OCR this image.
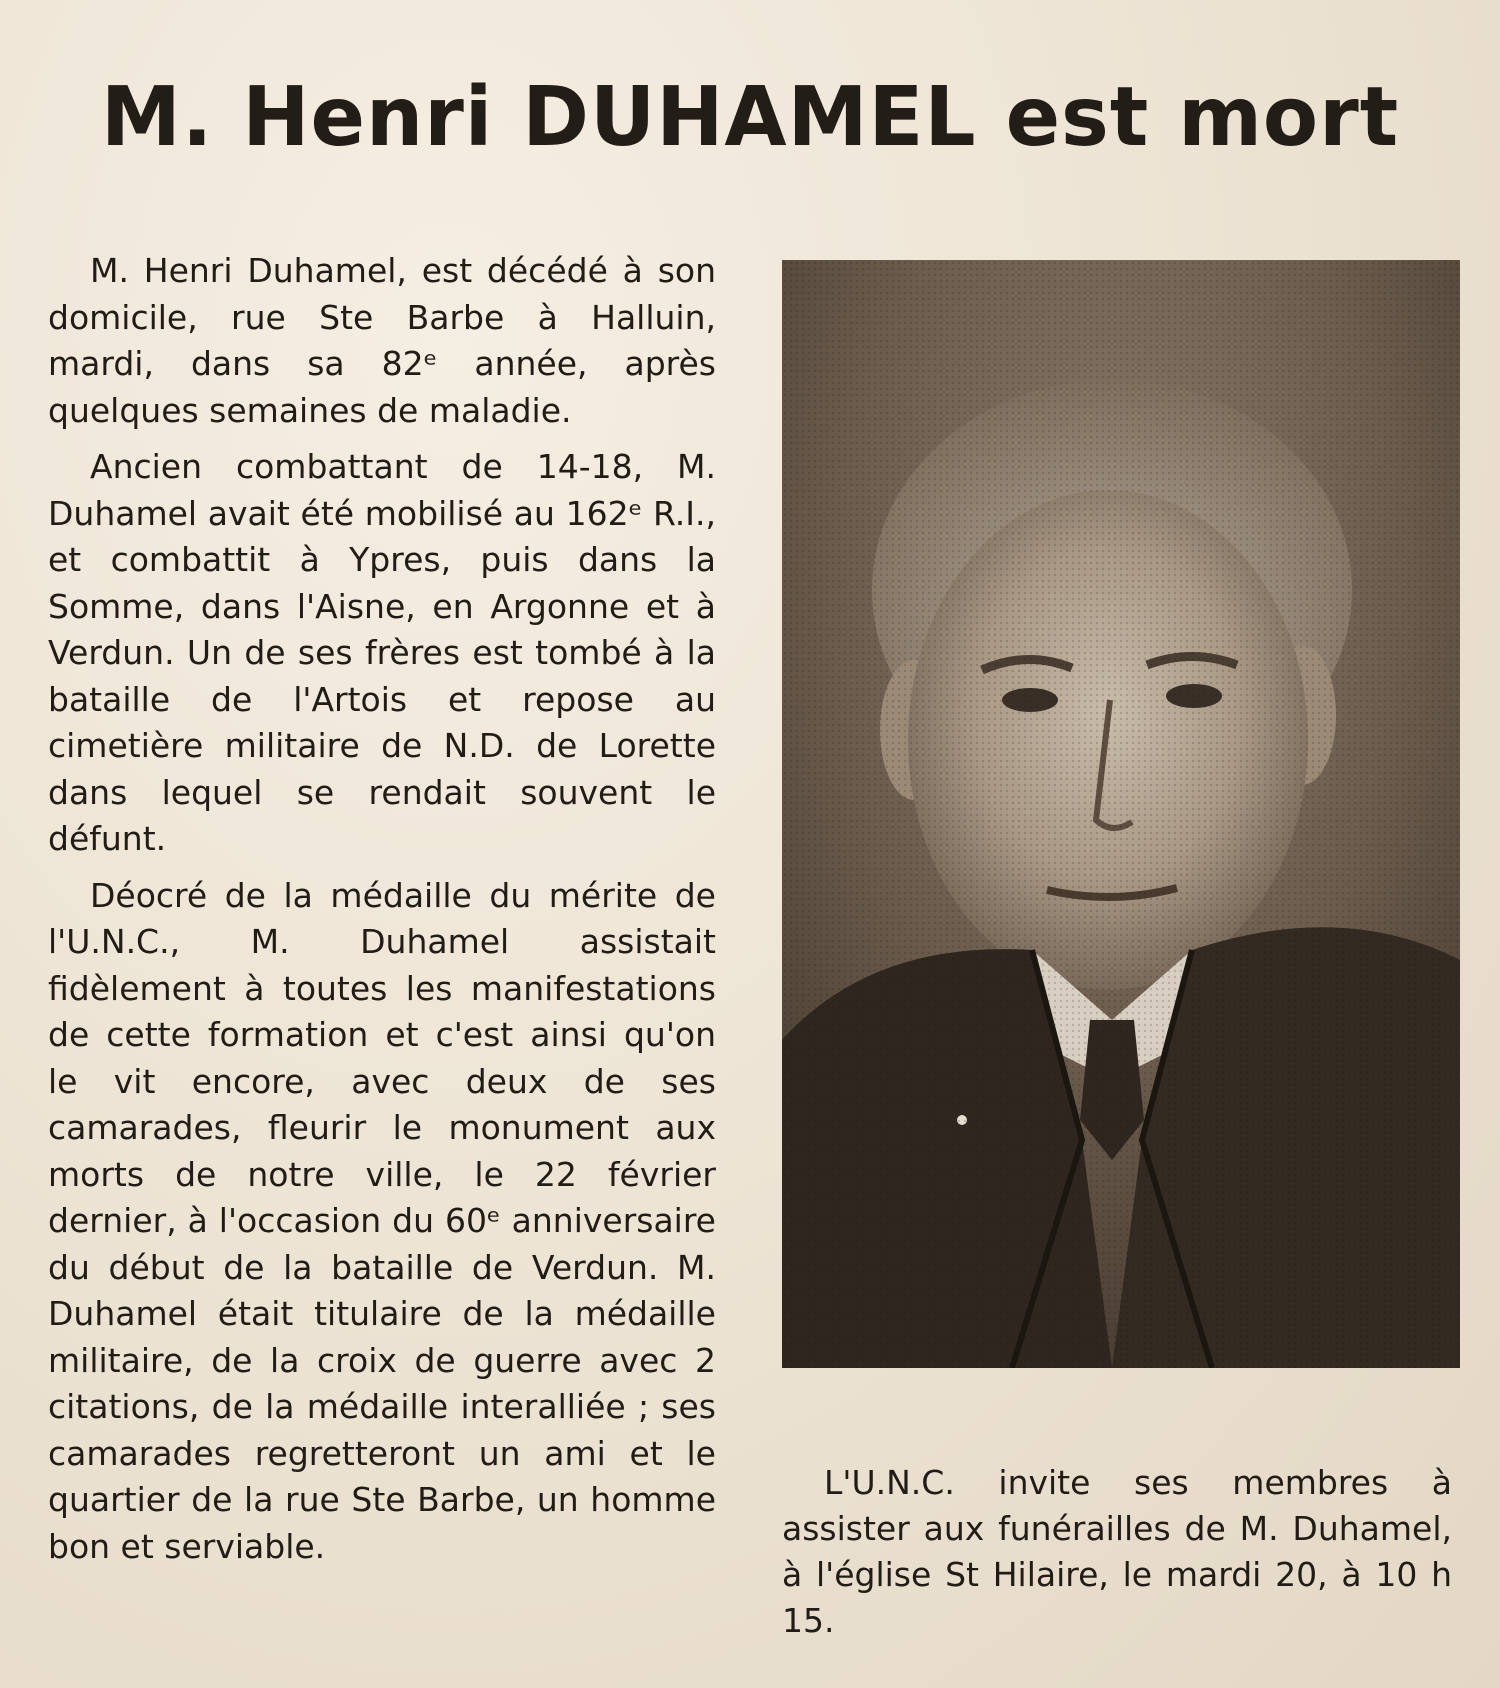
M. Henri DUHAMEL est mort

M. Henri Duhamel, est décédé à son domicile, rue Ste Barbe à Halluin, mardi, dans sa 82ᵉ année, après quelques semaines de maladie.

Ancien combattant de 14-18, M. Duhamel avait été mobilisé au 162ᵉ R.I., et combattit à Ypres, puis dans la Somme, dans l'Aisne, en Argonne et à Verdun. Un de ses frères est tombé à la bataille de l'Artois et repose au cimetière militaire de N.D. de Lorette dans lequel se rendait souvent le défunt.

Déocré de la médaille du mérite de l'U.N.C., M. Duhamel assistait fidèlement à toutes les manifestations de cette formation et c'est ainsi qu'on le vit encore, avec deux de ses camarades, fleurir le monument aux morts de notre ville, le 22 février dernier, à l'occasion du 60ᵉ anniversaire du début de la bataille de Verdun. M. Duhamel était titulaire de la médaille militaire, de la croix de guerre avec 2 citations, de la médaille interalliée ; ses camarades regretteront un ami et le quartier de la rue Ste Barbe, un homme bon et serviable.

L'U.N.C. invite ses membres à assister aux funérailles de M. Duhamel, à l'église St Hilaire, le mardi 20, à 10 h 15.
